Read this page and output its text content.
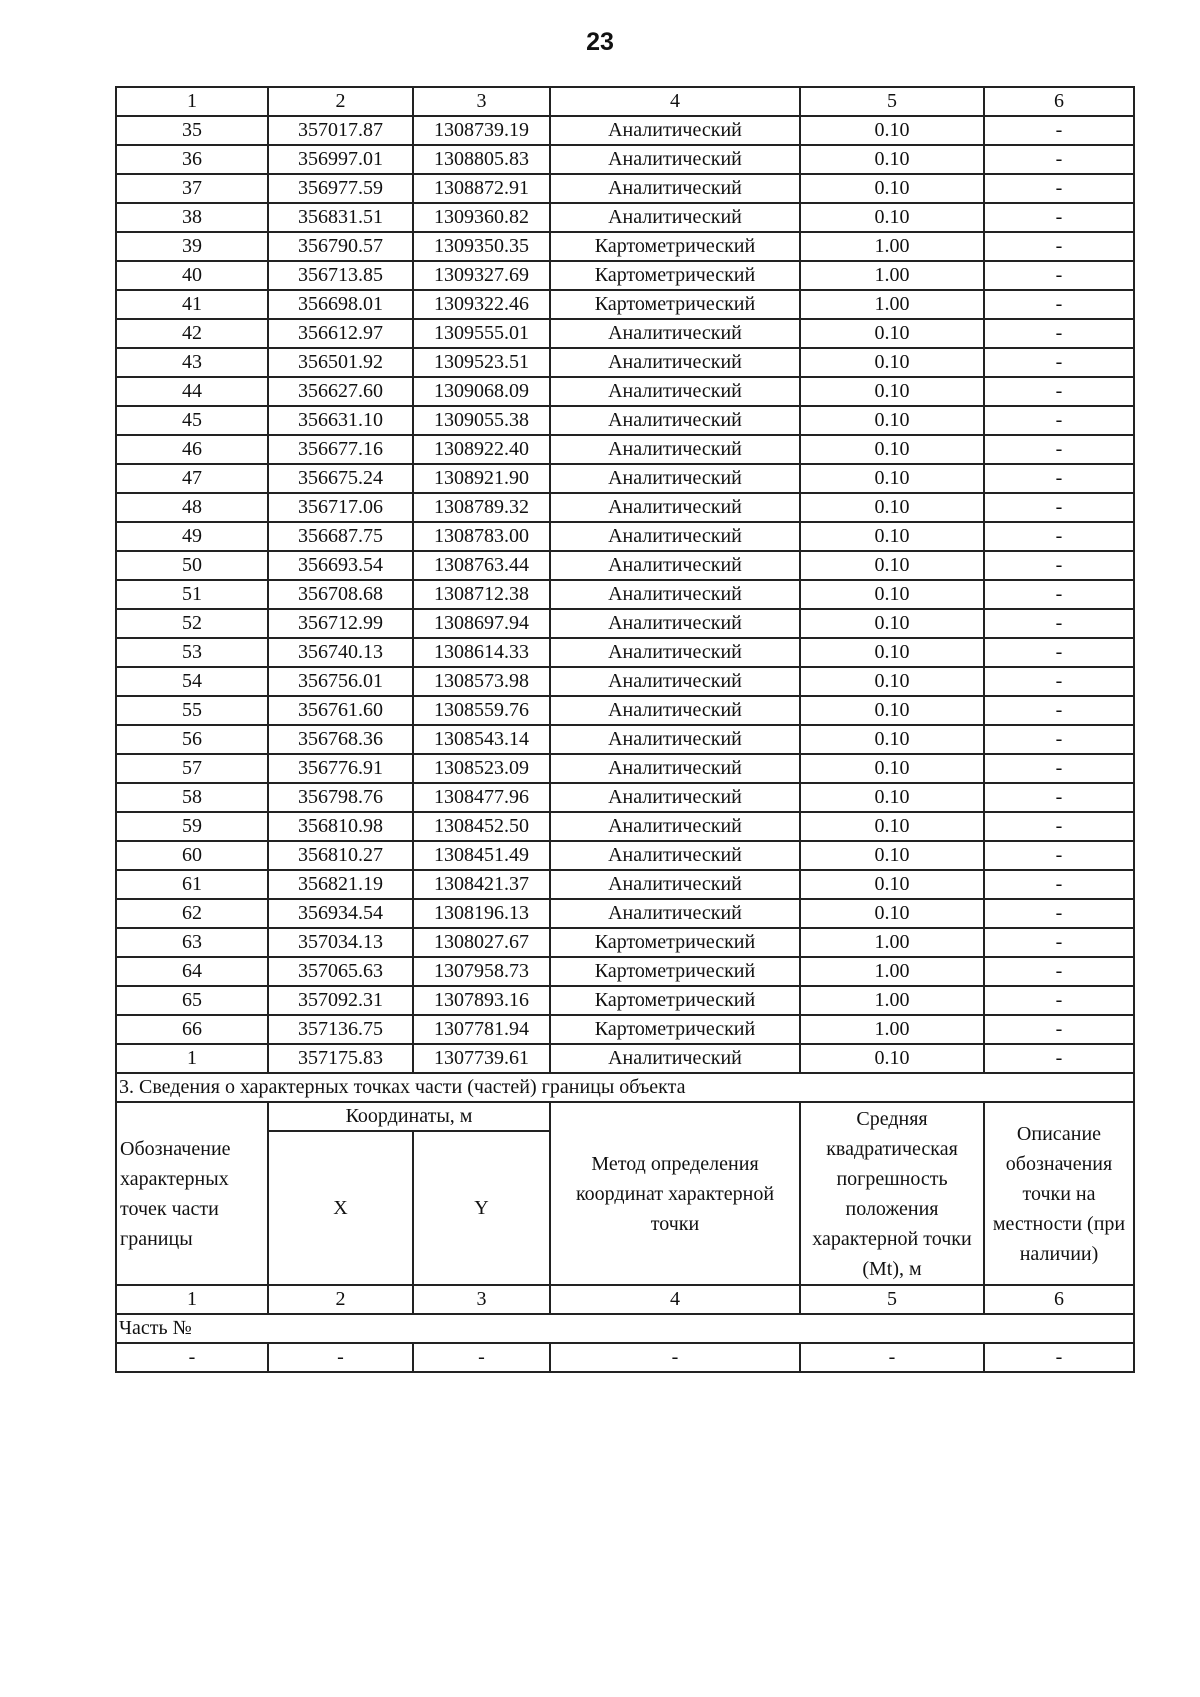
23
1	2	3	4	5	6
35	357017.87	1308739.19	Аналитический	0.10	-
36	356997.01	1308805.83	Аналитический	0.10	-
37	356977.59	1308872.91	Аналитический	0.10	-
38	356831.51	1309360.82	Аналитический	0.10	-
39	356790.57	1309350.35	Картометрический	1.00	-
40	356713.85	1309327.69	Картометрический	1.00	-
41	356698.01	1309322.46	Картометрический	1.00	-
42	356612.97	1309555.01	Аналитический	0.10	-
43	356501.92	1309523.51	Аналитический	0.10	-
44	356627.60	1309068.09	Аналитический	0.10	-
45	356631.10	1309055.38	Аналитический	0.10	-
46	356677.16	1308922.40	Аналитический	0.10	-
47	356675.24	1308921.90	Аналитический	0.10	-
48	356717.06	1308789.32	Аналитический	0.10	-
49	356687.75	1308783.00	Аналитический	0.10	-
50	356693.54	1308763.44	Аналитический	0.10	-
51	356708.68	1308712.38	Аналитический	0.10	-
52	356712.99	1308697.94	Аналитический	0.10	-
53	356740.13	1308614.33	Аналитический	0.10	-
54	356756.01	1308573.98	Аналитический	0.10	-
55	356761.60	1308559.76	Аналитический	0.10	-
56	356768.36	1308543.14	Аналитический	0.10	-
57	356776.91	1308523.09	Аналитический	0.10	-
58	356798.76	1308477.96	Аналитический	0.10	-
59	356810.98	1308452.50	Аналитический	0.10	-
60	356810.27	1308451.49	Аналитический	0.10	-
61	356821.19	1308421.37	Аналитический	0.10	-
62	356934.54	1308196.13	Аналитический	0.10	-
63	357034.13	1308027.67	Картометрический	1.00	-
64	357065.63	1307958.73	Картометрический	1.00	-
65	357092.31	1307893.16	Картометрический	1.00	-
66	357136.75	1307781.94	Картометрический	1.00	-
1	357175.83	1307739.61	Аналитический	0.10	-
3. Сведения о характерных точках части (частей) границы объекта					
Обозначение характерных точек части границы	Координаты, м		Метод определения координат характерной точки	Средняя квадратическая погрешность положения характерной точки (Mt), м	Описание обозначения точки на местности (при наличии)
	X	Y			
1	2	3	4	5	6
Часть №					
-	-	-	-	-	-
